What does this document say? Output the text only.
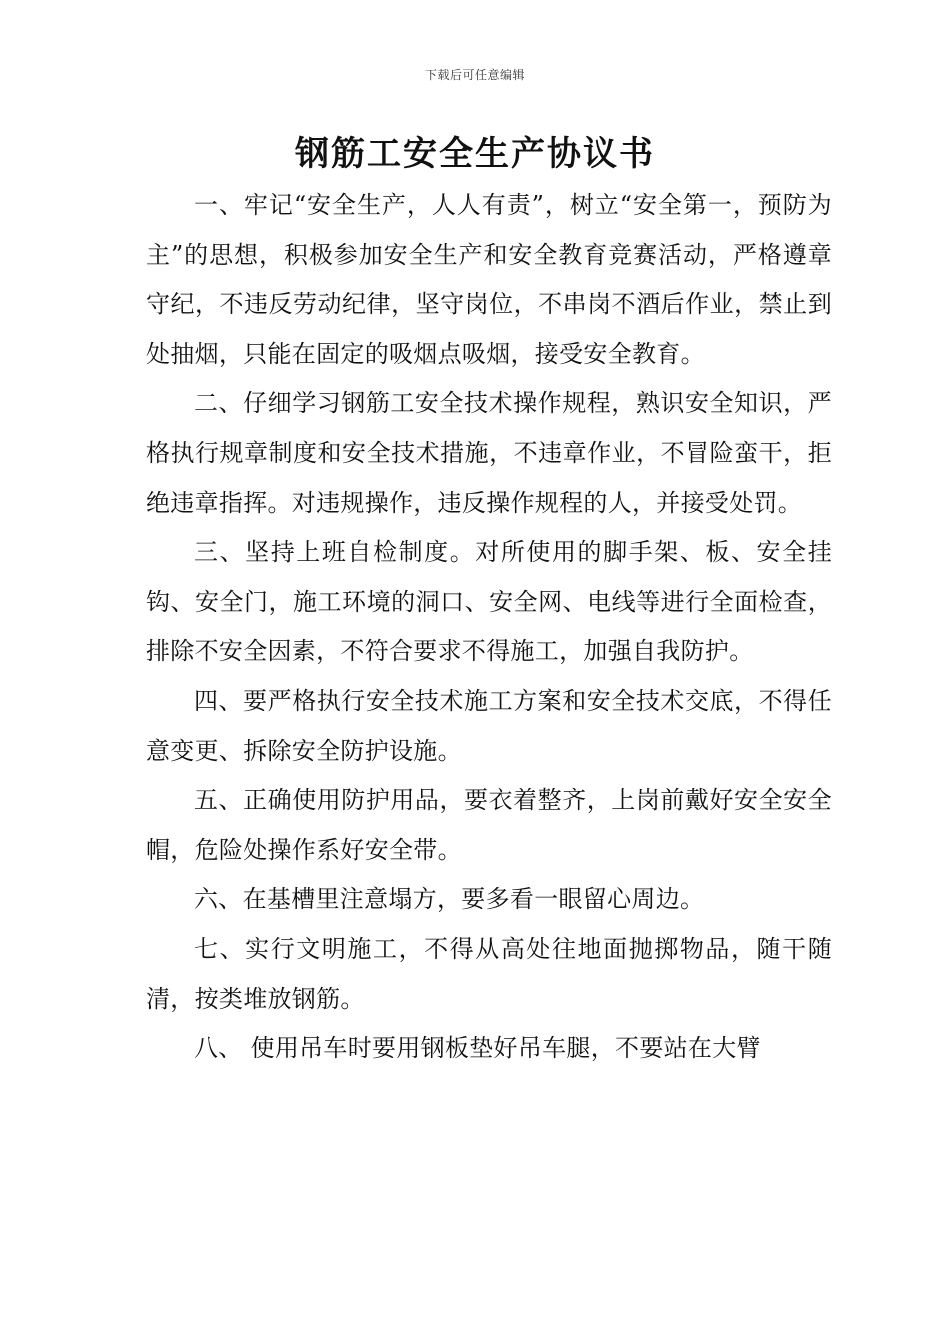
下载后可任意编辑
钢筋工安全生产协议书

一、牢记“安全生产，人人有责”，树立“安全第一，预防为主”的思想，积极参加安全生产和安全教育竞赛活动，严格遵章守纪，不违反劳动纪律，坚守岗位，不串岗不酒后作业，禁止到处抽烟，只能在固定的吸烟点吸烟，接受安全教育。

二、仔细学习钢筋工安全技术操作规程，熟识安全知识，严格执行规章制度和安全技术措施，不违章作业，不冒险蛮干，拒绝违章指挥。对违规操作，违反操作规程的人，并接受处罚。

三、坚持上班自检制度。对所使用的脚手架、板、安全挂钩、安全门，施工环境的洞口、安全网、电线等进行全面检查，排除不安全因素，不符合要求不得施工，加强自我防护。

四、要严格执行安全技术施工方案和安全技术交底，不得任意变更、拆除安全防护设施。

五、正确使用防护用品，要衣着整齐，上岗前戴好安全安全帽，危险处操作系好安全带。

六、在基槽里注意塌方，要多看一眼留心周边。

七、实行文明施工，不得从高处往地面抛掷物品，随干随清，按类堆放钢筋。

八、 使用吊车时要用钢板垫好吊车腿，不要站在大臂
